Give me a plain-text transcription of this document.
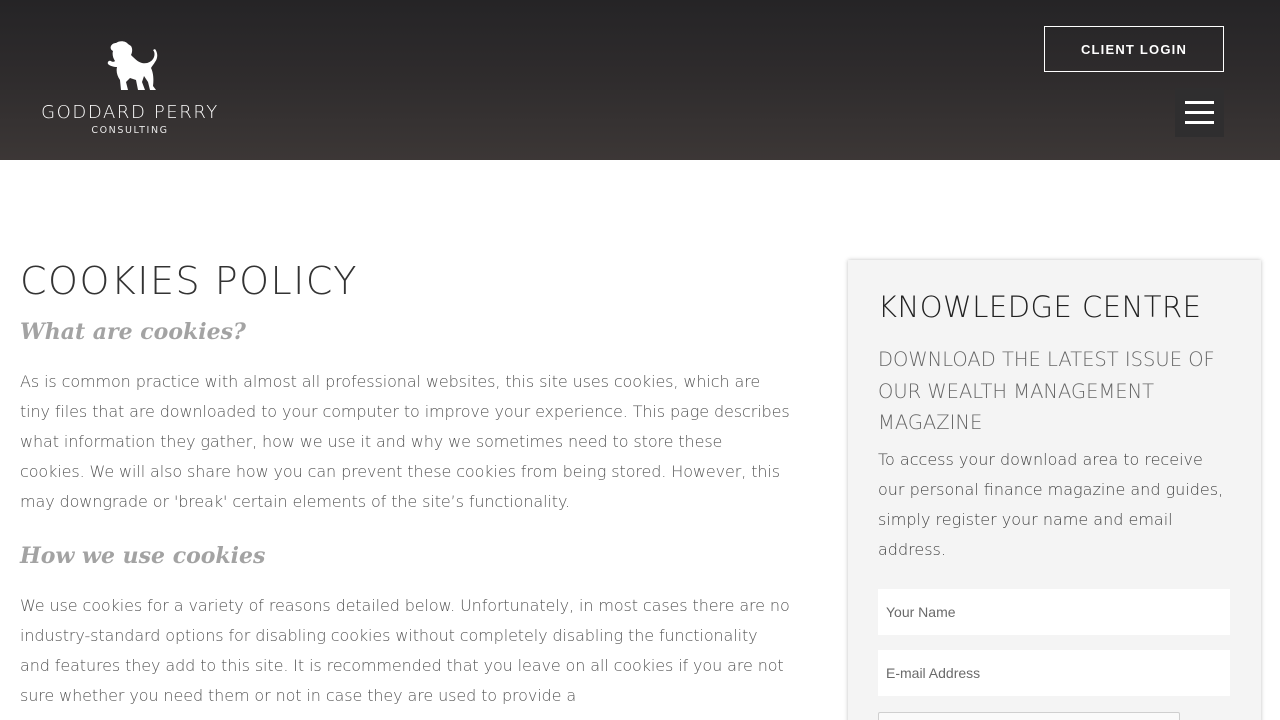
GODDARD PERRY
CONSULTING
CLIENT LOGIN
COOKIES POLICY
What are cookies?

As is common practice with almost all professional websites, this site uses cookies, which are tiny files that are downloaded to your computer to improve your experience. This page describes what information they gather, how we use it and why we sometimes need to store these cookies. We will also share how you can prevent these cookies from being stored. However, this may downgrade or 'break' certain elements of the site’s functionality.

How we use cookies

We use cookies for a variety of reasons detailed below. Unfortunately, in most cases there are no industry-standard options for disabling cookies without completely disabling the functionality and features they add to this site. It is recommended that you leave on all cookies if you are not sure whether you need them or not in case they are used to provide a

KNOWLEDGE CENTRE
DOWNLOAD THE LATEST ISSUE OF OUR WEALTH MANAGEMENT MAGAZINE

To access your download area to receive our personal finance magazine and guides, simply register your name and email address.

Your Name
E-mail Address
